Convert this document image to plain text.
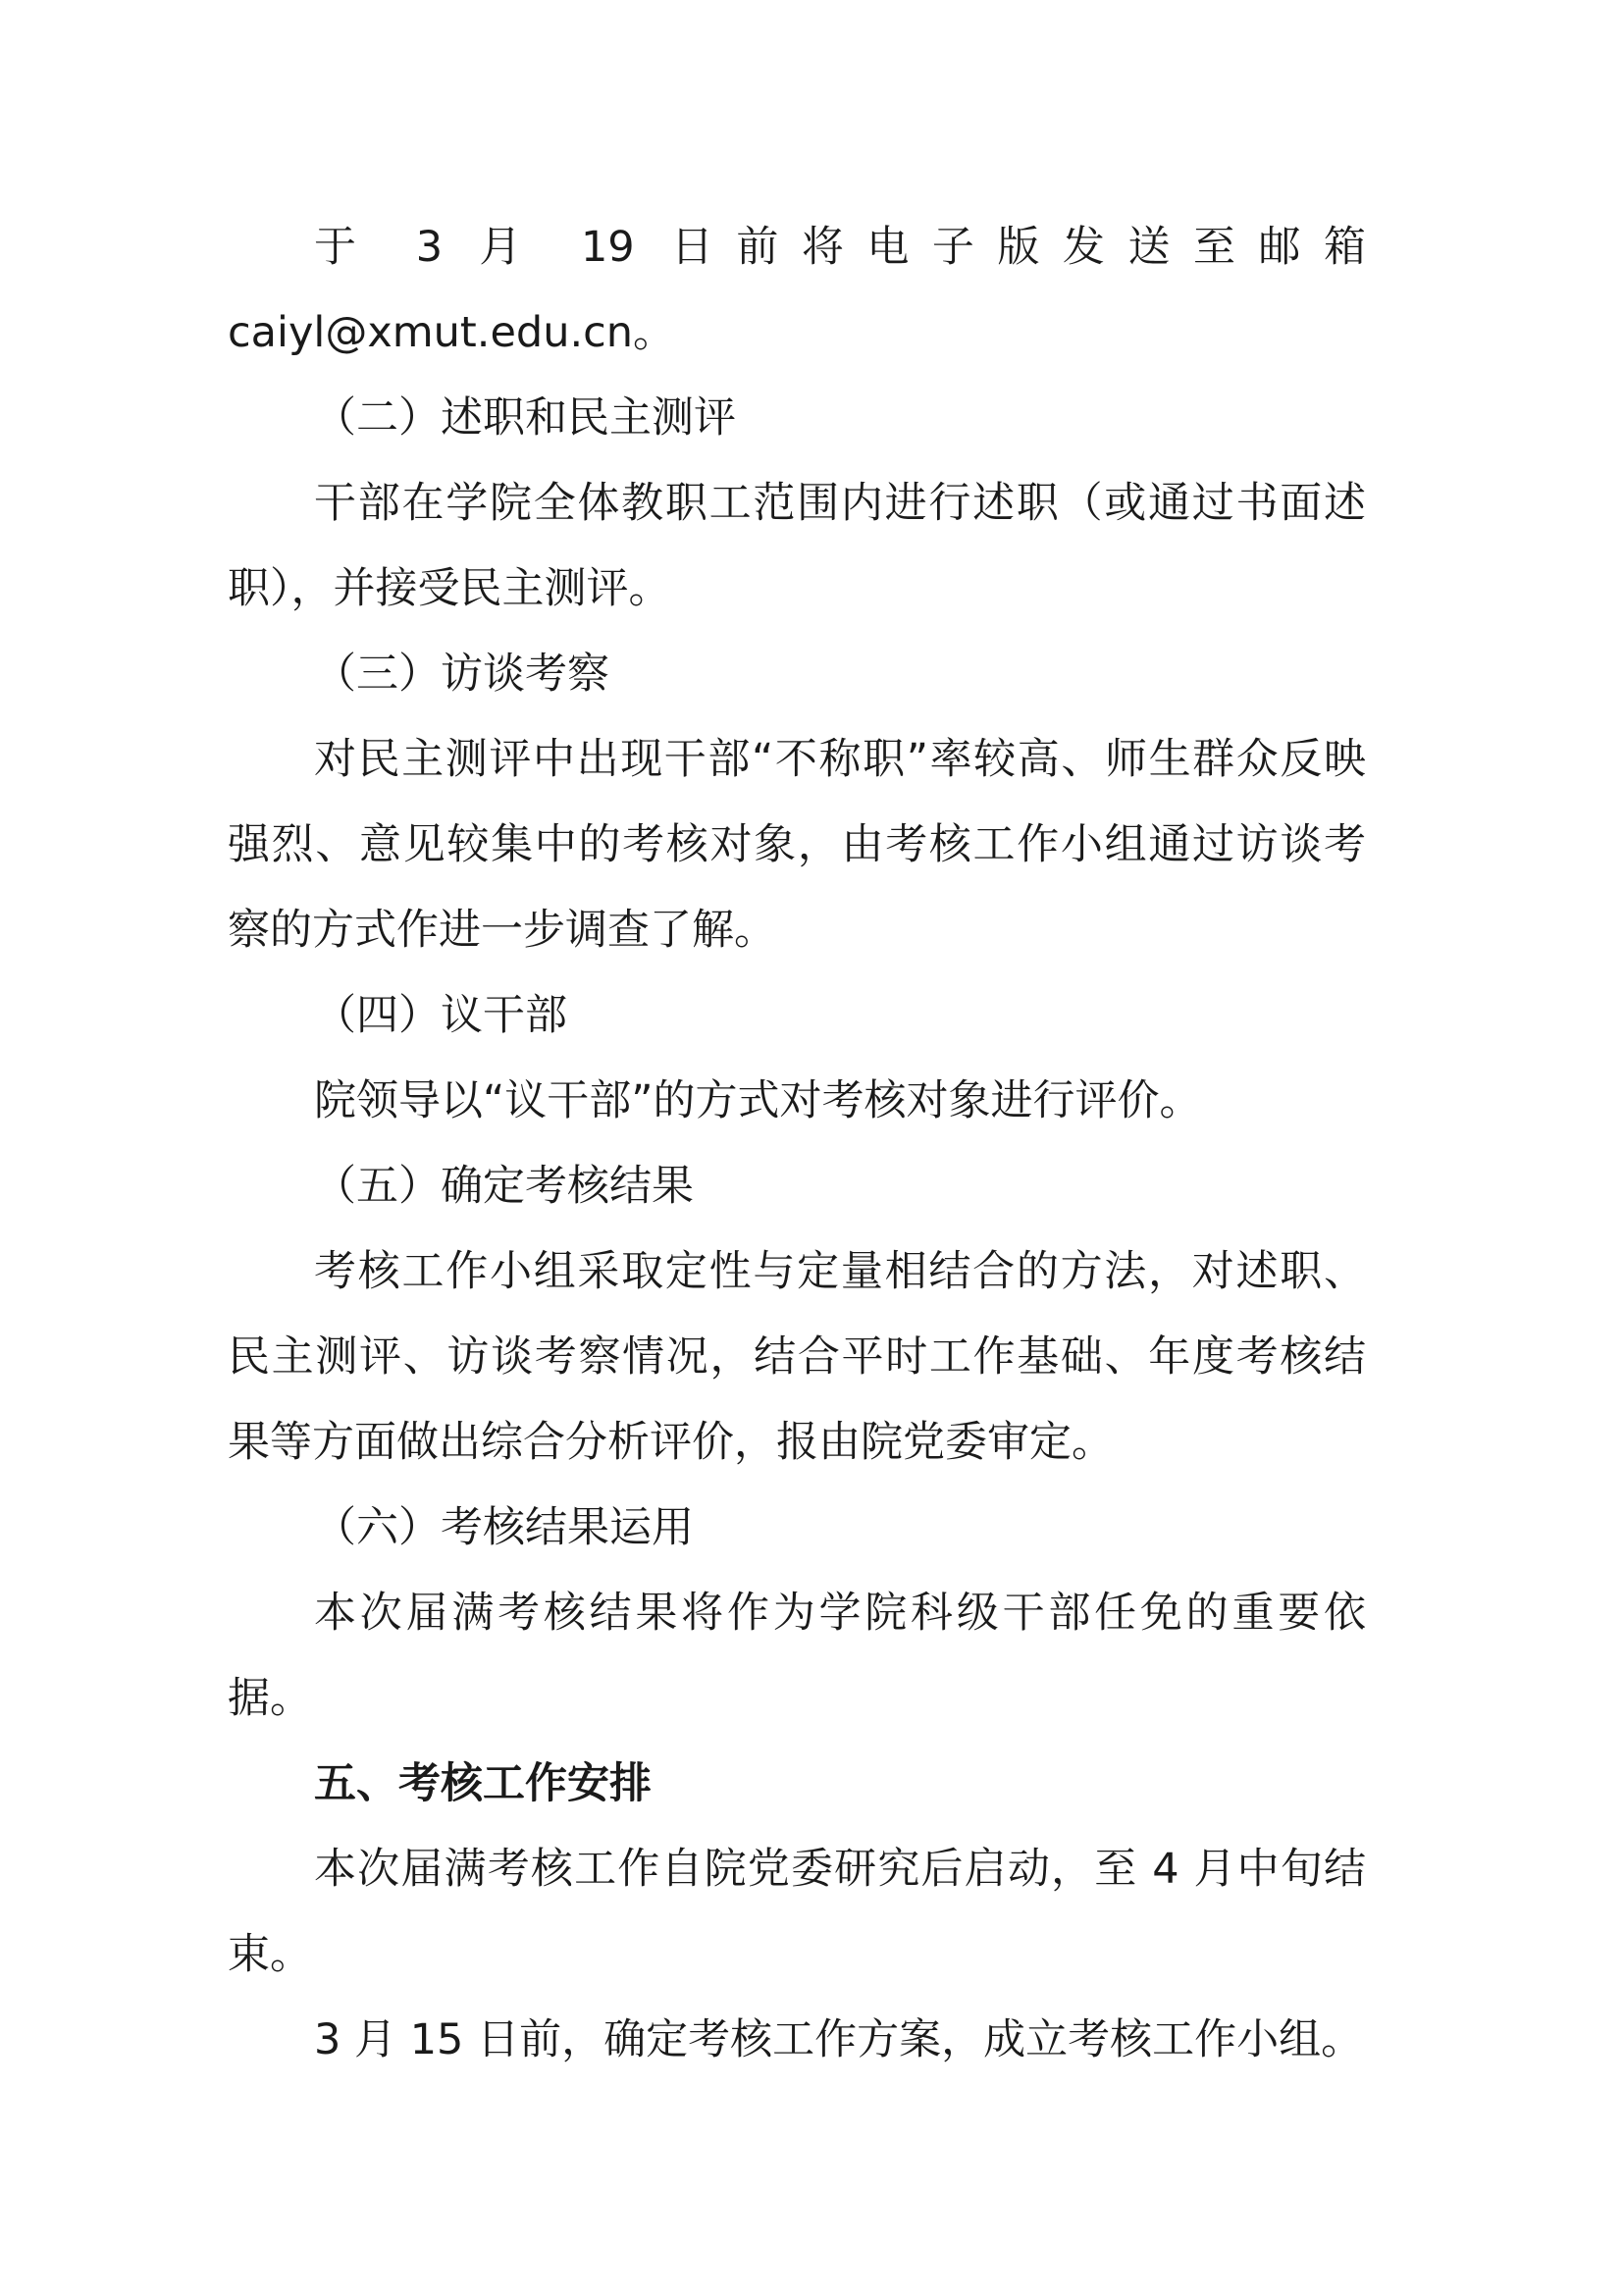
于 3 月 19 日前将电子版发送至邮箱
caiyl@xmut.edu.cn。
（二）述职和民主测评
干部在学院全体教职工范围内进行述职（或通过书面述
职），并接受民主测评。
（三）访谈考察
对民主测评中出现干部“不称职”率较高、师生群众反映
强烈、意见较集中的考核对象，由考核工作小组通过访谈考
察的方式作进一步调查了解。
（四）议干部
院领导以“议干部”的方式对考核对象进行评价。
（五）确定考核结果
考核工作小组采取定性与定量相结合的方法，对述职、
民主测评、访谈考察情况，结合平时工作基础、年度考核结
果等方面做出综合分析评价，报由院党委审定。
（六）考核结果运用
本次届满考核结果将作为学院科级干部任免的重要依
据。
五、考核工作安排
本次届满考核工作自院党委研究后启动，至 4 月中旬结
束。
3 月 15 日前，确定考核工作方案，成立考核工作小组。
